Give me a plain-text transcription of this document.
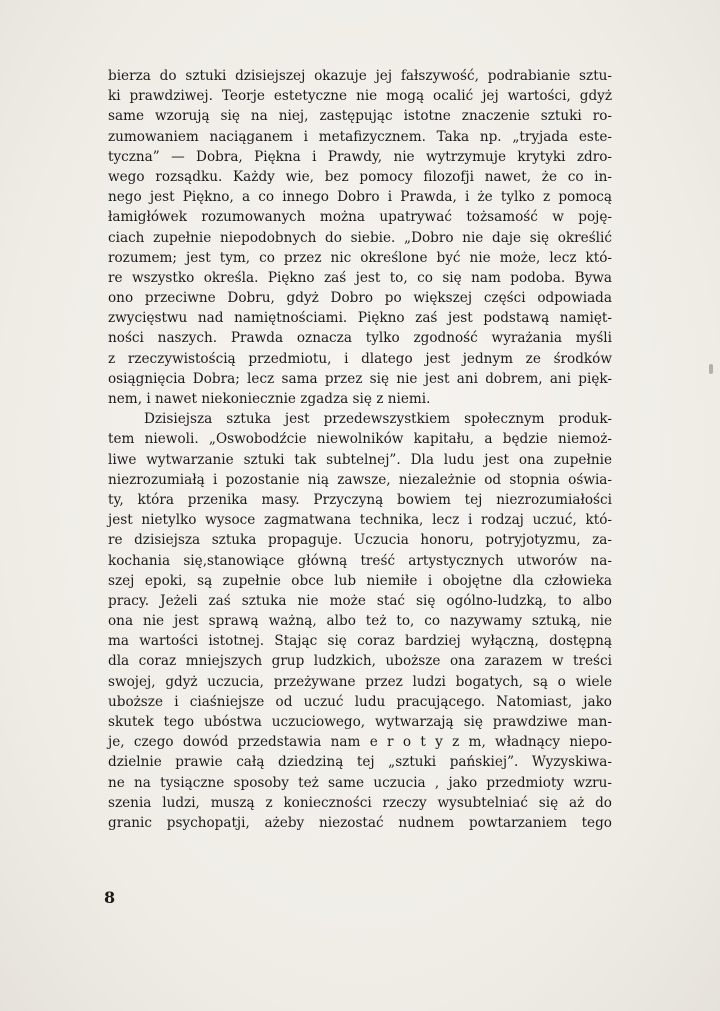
bierza do sztuki dzisiejszej okazuje jej fałszywość, podrabianie sztu-
ki prawdziwej. Teorje estetyczne nie mogą ocalić jej wartości, gdyż
same wzorują się na niej, zastępując istotne znaczenie sztuki ro-
zumowaniem naciąganem i metafizycznem. Taka np. „tryjada este-
tyczna” — Dobra, Piękna i Prawdy, nie wytrzymuje krytyki zdro-
wego rozsądku. Każdy wie, bez pomocy filozofji nawet, że co in-
nego jest Piękno, a co innego Dobro i Prawda, i że tylko z pomocą
łamigłówek rozumowanych można upatrywać tożsamość w poję-
ciach zupełnie niepodobnych do siebie. „Dobro nie daje się określić
rozumem; jest tym, co przez nic określone być nie może, lecz któ-
re wszystko określa. Piękno zaś jest to, co się nam podoba. Bywa
ono przeciwne Dobru, gdyż Dobro po większej części odpowiada
zwycięstwu nad namiętnościami. Piękno zaś jest podstawą namięt-
ności naszych. Prawda oznacza tylko zgodność wyrażania myśli
z rzeczywistością przedmiotu, i dlatego jest jednym ze środków
osiągnięcia Dobra; lecz sama przez się nie jest ani dobrem, ani pięk-
nem, i nawet niekoniecznie zgadza się z niemi.
Dzisiejsza sztuka jest przedewszystkiem społecznym produk-
tem niewoli. „Oswobodźcie niewolników kapitału, a będzie niemoż-
liwe wytwarzanie sztuki tak subtelnej”. Dla ludu jest ona zupełnie
niezrozumiałą i pozostanie nią zawsze, niezależnie od stopnia oświa-
ty, która przenika masy. Przyczyną bowiem tej niezrozumiałości
jest nietylko wysoce zagmatwana technika, lecz i rodzaj uczuć, któ-
re dzisiejsza sztuka propaguje. Uczucia honoru, potryjotyzmu, za-
kochania się,stanowiące główną treść artystycznych utworów na-
szej epoki, są zupełnie obce lub niemiłe i obojętne dla człowieka
pracy. Jeżeli zaś sztuka nie może stać się ogólno-ludzką, to albo
ona nie jest sprawą ważną, albo też to, co nazywamy sztuką, nie
ma wartości istotnej. Stając się coraz bardziej wyłączną, dostępną
dla coraz mniejszych grup ludzkich, uboższe ona zarazem w treści
swojej, gdyż uczucia, przeżywane przez ludzi bogatych, są o wiele
uboższe i ciaśniejsze od uczuć ludu pracującego. Natomiast, jako
skutek tego ubóstwa uczuciowego, wytwarzają się prawdziwe man-
je, czego dowód przedstawia nam e r o t y z m, władnący niepo-
dzielnie prawie całą dziedziną tej „sztuki pańskiej”. Wyzyskiwa-
ne na tysiączne sposoby też same uczucia , jako przedmioty wzru-
szenia ludzi, muszą z konieczności rzeczy wysubtelniać się aż do
granic psychopatji, ażeby niezostać nudnem powtarzaniem tego
8
